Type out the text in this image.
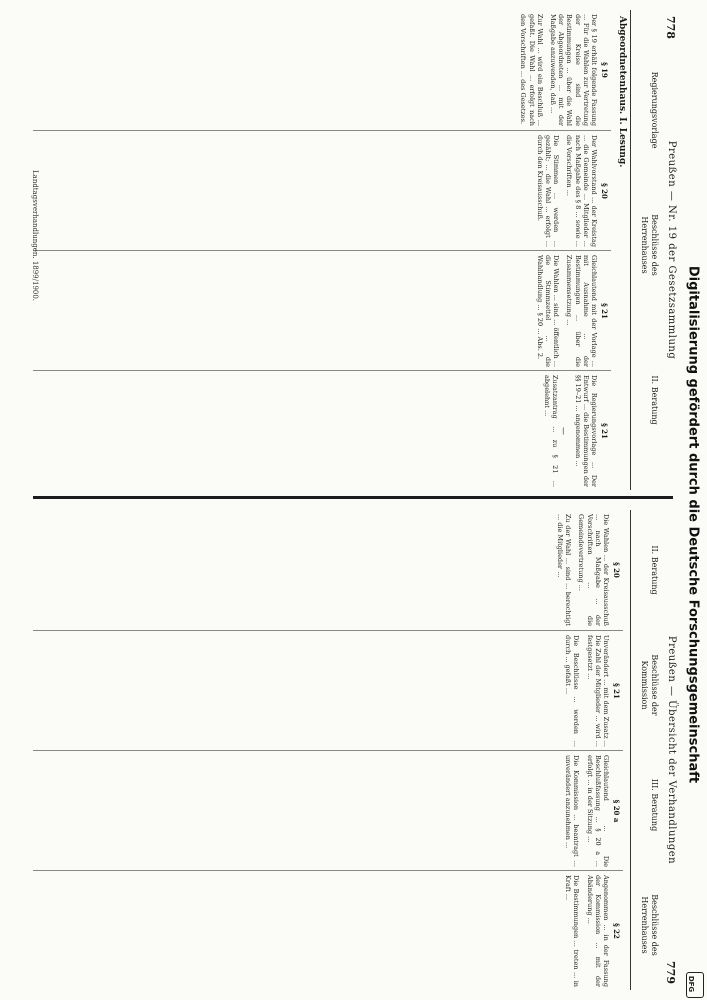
778
Preußen — Nr. 19 der Gesetzsammlung
Regierungsvorlage
Beschlüsse des Herrenhauses
II. Beratung
Abgeordnetenhaus. I. Lesung.
§ 19

Der § 19 erhält folgende Fassung ... Für die Wahlen zur Vertretung der Kreise sind die Bestimmungen ... über die Wahl der Abgeordneten ... mit der Maßgabe anzuwenden, daß ...

Zur Wahl ... wird ein Beschluß ... gefaßt. Die Wahl ... erfolgt nach den Vorschriften ... des Gesetzes.

§ 20

Der Wahlvorstand ... der Kreistag ... die Gemeinde ... Mitglieder ... nach Maßgabe des § 8 ... sowie ... die Vorschriften ...

Die Stimmen ... werden ... gezählt; ... die Wahl ... erfolgt ... durch den Kreisausschuß.

§ 21

Gleichlautend mit der Vorlage ... mit Ausnahme ... der Bestimmungen ... über die Zusammensetzung ...

Die Wahlen ... sind ... öffentlich ... die Stimmzettel ... die Wahlhandlung ... § 20 ... Abs. 2.

§ 21

Die Regierungsvorlage ... Der Entwurf ... die Bestimmungen der §§ 19–21 ... angenommen ...

—

Zusatzantrag ... zu § 21 ... abgelehnt ...

779
Preußen — Übersicht der Verhandlungen
II. Beratung
Beschlüsse der Kommission
III. Beratung
Beschlüsse des Herrenhauses
§ 20

Die Wahlen ... der Kreisausschuß ... nach Maßgabe ... der Vorschriften ... die Gemeindevertretung ...

Zu der Wahl ... sind ... berechtigt ... die Mitglieder ...

§ 21

Unverändert ... mit dem Zusatz ... Die Zahl der Mitglieder ... wird ... festgesetzt ...

Die Beschlüsse ... werden ... durch ... gefaßt ...

§ 20 a

Gleichlautend ... Die Beschlußfassung ... § 20 a ... erfolgt ... in der Sitzung ...

Die Kommission ... beantragt ... unverändert anzunehmen ...

§ 22

Angenommen ... in der Fassung der Kommission ... mit der Abänderung ...

Die Bestimmungen ... treten ... in Kraft ...

Landtagsverhandlungen. 1899/1900.
Digitalisierung gefördert durch die Deutsche Forschungsgemeinschaft
DFG
